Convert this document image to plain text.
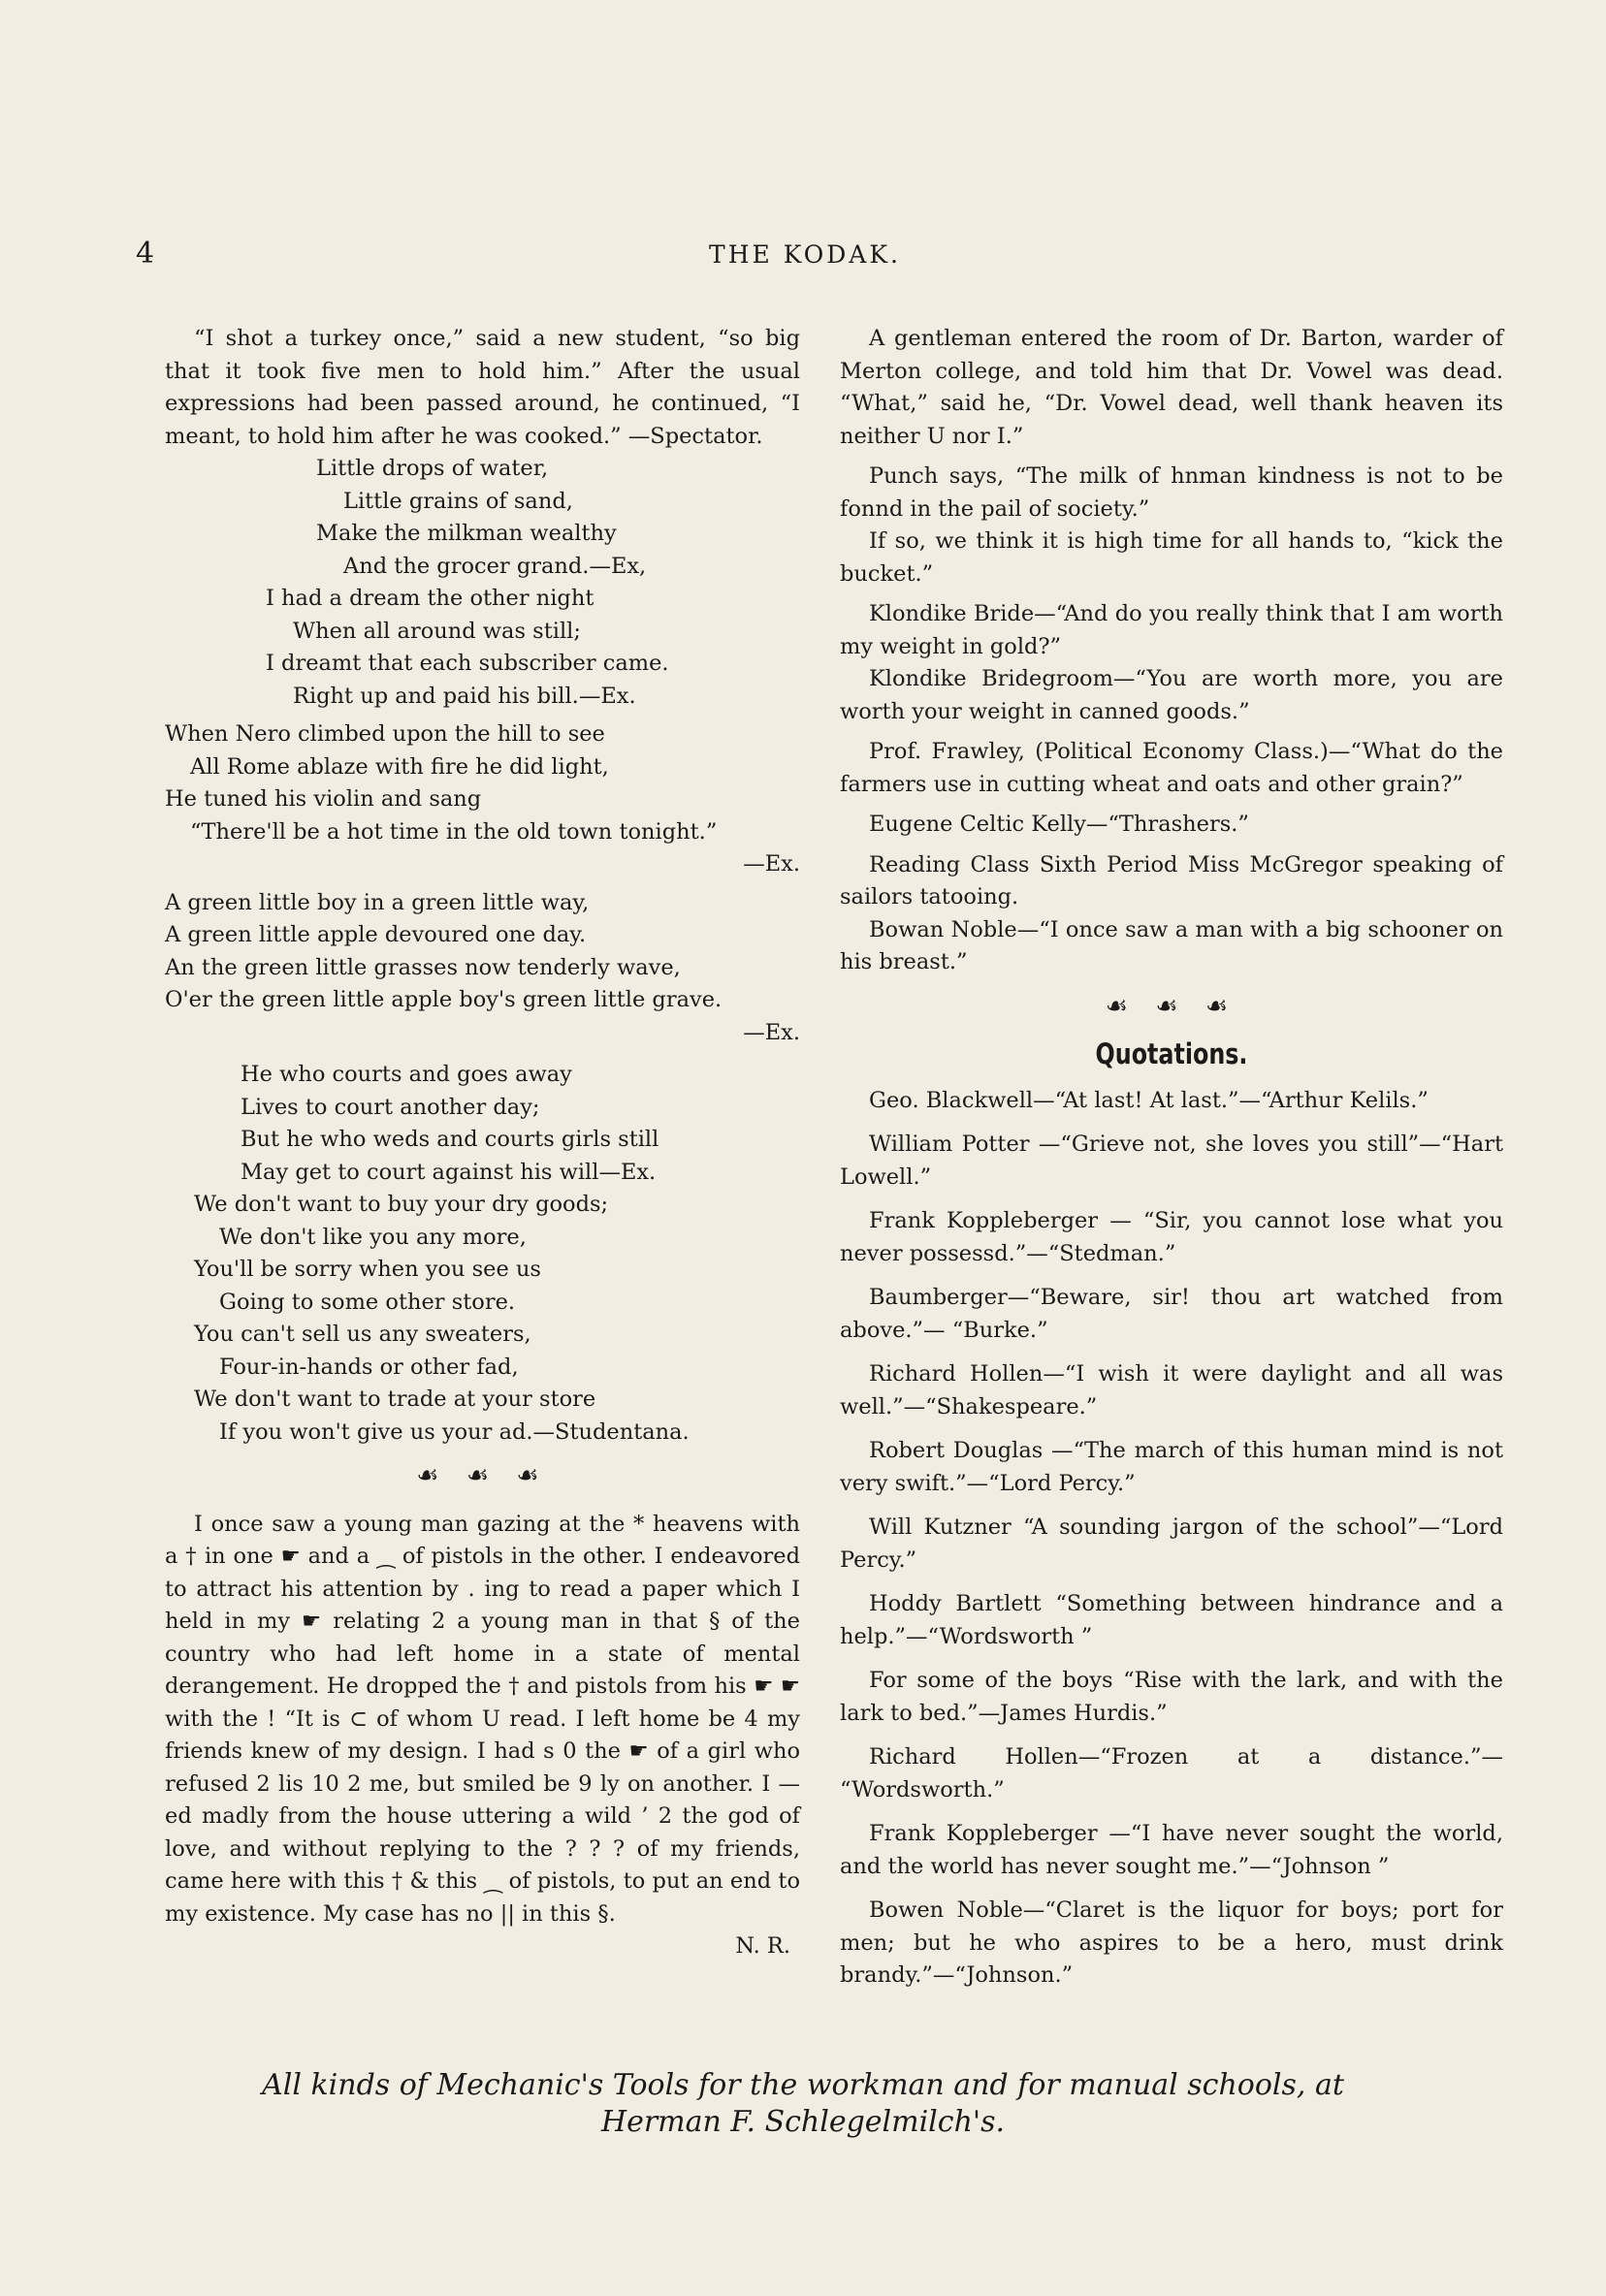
4	THE KODAK.

“I shot a turkey once,” said a new student, “so big that it took five men to hold him.” After the usual expressions had been passed around, he continued, “I meant, to hold him after he was cooked.” —Spectator.

Little drops of water,
Little grains of sand,
Make the milkman wealthy
And the grocer grand.—Ex,
I had a dream the other night
When all around was still;
I dreamt that each subscriber came.
Right up and paid his bill.—Ex.
When Nero climbed upon the hill to see
All Rome ablaze with fire he did light,
He tuned his violin and sang
“There'll be a hot time in the old town tonight.”
—Ex.
A green little boy in a green little way,
A green little apple devoured one day.
An the green little grasses now tenderly wave,
O'er the green little apple boy's green little grave.
—Ex.
He who courts and goes away
Lives to court another day;
But he who weds and courts girls still
May get to court against his will—Ex.
We don't want to buy your dry goods;
We don't like you any more,
You'll be sorry when you see us
Going to some other store.
You can't sell us any sweaters,
Four-in-hands or other fad,
We don't want to trade at your store
If you won't give us your ad.—Studentana.
☙ ☙ ☙

I once saw a young man gazing at the * heavens with a † in one ☛ and a ⁔ of pistols in the other. I endeavored to attract his attention by . ing to read a paper which I held in my ☛ relating 2 a young man in that § of the country who had left home in a state of mental derangement. He dropped the † and pistols from his ☛ ☛ with the ! “It is ⊂ of whom U read. I left home be 4 my friends knew of my design. I had s 0 the ☛ of a girl who refused 2 lis 10 2 me, but smiled be 9 ly on another. I — ed madly from the house uttering a wild ’ 2 the god of love, and without replying to the ? ? ? of my friends, came here with this † & this ⁔ of pistols, to put an end to my existence. My case has no || in this §.

N. R.

A gentleman entered the room of Dr. Barton, warder of Merton college, and told him that Dr. Vowel was dead. “What,” said he, “Dr. Vowel dead, well thank heaven its neither U nor I.”

Punch says, “The milk of hnman kindness is not to be fonnd in the pail of society.”

If so, we think it is high time for all hands to, “kick the bucket.”

Klondike Bride—“And do you really think that I am worth my weight in gold?”

Klondike Bridegroom—“You are worth more, you are worth your weight in canned goods.”

Prof. Frawley, (Political Economy Class.)—“What do the farmers use in cutting wheat and oats and other grain?”

Eugene Celtic Kelly—“Thrashers.”

Reading Class Sixth Period Miss McGregor speaking of sailors tatooing.

Bowan Noble—“I once saw a man with a big schooner on his breast.”

☙ ☙ ☙
Quotations.

Geo. Blackwell—“At last! At last.”—“Arthur Kelils.”

William Potter —“Grieve not, she loves you still”—“Hart Lowell.”

Frank Koppleberger — “Sir, you cannot lose what you never possessd.”—“Stedman.”

Baumberger—“Beware, sir! thou art watched from above.”— “Burke.”

Richard Hollen—“I wish it were daylight and all was well.”—“Shakespeare.”

Robert Douglas —“The march of this human mind is not very swift.”—“Lord Percy.”

Will Kutzner “A sounding jargon of the school”—“Lord Percy.”

Hoddy Bartlett “Something between hindrance and a help.”—“Wordsworth ”

For some of the boys “Rise with the lark, and with the lark to bed.”—James Hurdis.”

Richard Hollen—“Frozen at a distance.”— “Wordsworth.”

Frank Koppleberger —“I have never sought the world, and the world has never sought me.”—“Johnson ”

Bowen Noble—“Claret is the liquor for boys; port for men; but he who aspires to be a hero, must drink brandy.”—“Johnson.”

All kinds of Mechanic's Tools for the workman and for manual schools, at
Herman F. Schlegelmilch's.
